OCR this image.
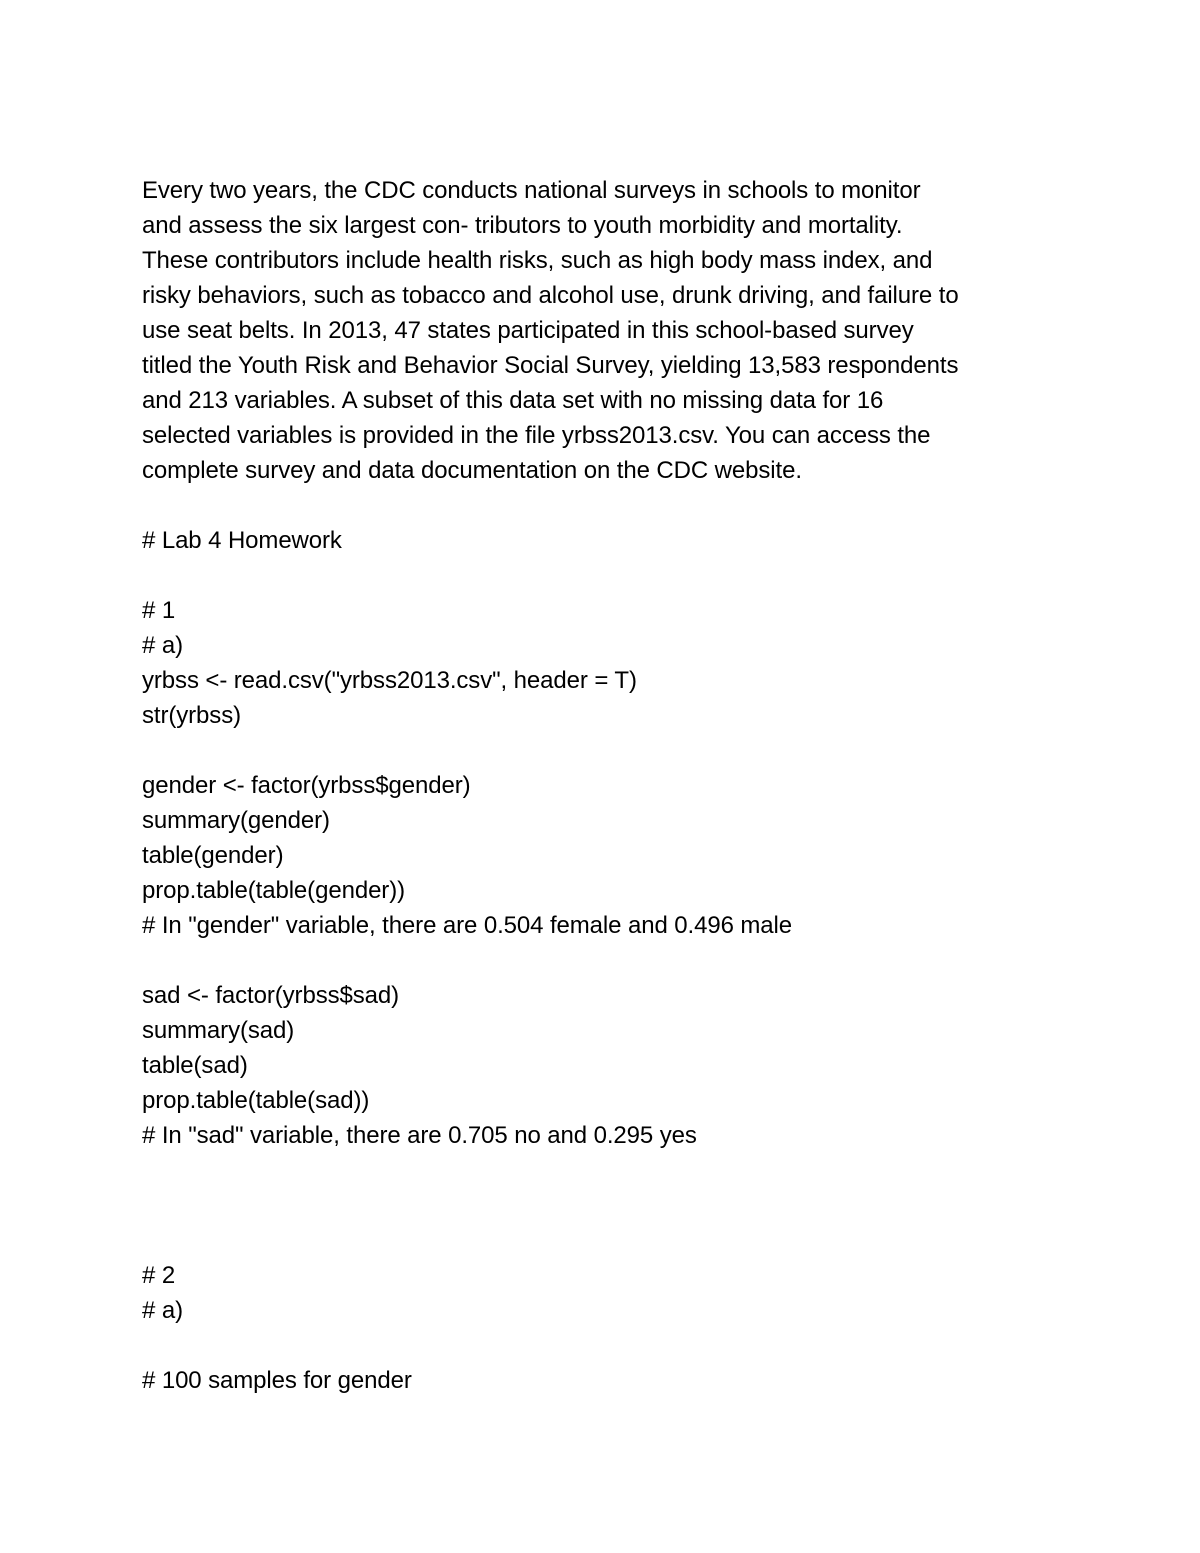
Every two years, the CDC conducts national surveys in schools to monitor

and assess the six largest con- tributors to youth morbidity and mortality.

These contributors include health risks, such as high body mass index, and

risky behaviors, such as tobacco and alcohol use, drunk driving, and failure to

use seat belts. In 2013, 47 states participated in this school-based survey

titled the Youth Risk and Behavior Social Survey, yielding 13,583 respondents

and 213 variables. A subset of this data set with no missing data for 16

selected variables is provided in the file yrbss2013.csv. You can access the

complete survey and data documentation on the CDC website.

# Lab 4 Homework

# 1

# a)

yrbss <- read.csv("yrbss2013.csv", header = T)

str(yrbss)

gender <- factor(yrbss$gender)

summary(gender)

table(gender)

prop.table(table(gender))

# In "gender" variable, there are 0.504 female and 0.496 male

sad <- factor(yrbss$sad)

summary(sad)

table(sad)

prop.table(table(sad))

# In "sad" variable, there are 0.705 no and 0.295 yes

# 2

# a)

# 100 samples for gender
